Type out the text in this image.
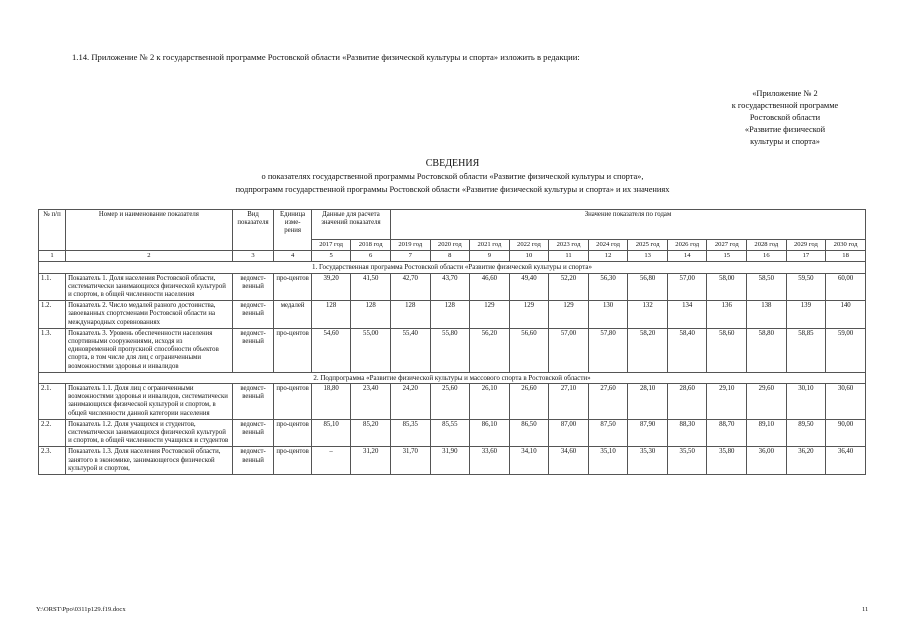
1.14. Приложение № 2 к государственной программе Ростовской области «Развитие физической культуры и спорта» изложить в редакции:
«Приложение № 2
к государственной программе
Ростовской области
«Развитие физической
культуры и спорта»
СВЕДЕНИЯ
о показателях государственной программы Ростовской области «Развитие физической культуры и спорта»,
подпрограмм государственной программы Ростовской области «Развитие физической культуры и спорта» и их значениях
№ п/п	Номер и наименование показателя	Вид показателя	Единица изме-рения	Данные для расчета значений показателя		Значение показателя по годам											
				2017 год	2018 год	2019 год	2020 год	2021 год	2022 год	2023 год	2024 год	2025 год	2026 год	2027 год	2028 год	2029 год	2030 год
1	2	3	4	5	6	7	8	9	10	11	12	13	14	15	16	17	18
1. Государственная программа Ростовской области «Развитие физической культуры и спорта»																	
1.1.	Показатель 1. Доля населения Ростовской области, систематически занимающихся физической культурой и спортом, в общей численности населения	ведомст-венный	про-центов	39,20	41,50	42,70	43,70	46,60	49,40	52,20	56,30	56,80	57,00	58,00	58,50	59,50	60,00
1.2.	Показатель 2. Число медалей разного достоинства, завоеванных спортсменами Ростовской области на международных соревнованиях	ведомст-венный	медалей	128	128	128	128	129	129	129	130	132	134	136	138	139	140
1.3.	Показатель 3. Уровень обеспеченности населения спортивными сооружениями, исходя из единовременной пропускной способности объектов спорта, в том числе для лиц с ограниченными возможностями здоровья и инвалидов	ведомст-венный	про-центов	54,60	55,00	55,40	55,80	56,20	56,60	57,00	57,80	58,20	58,40	58,60	58,80	58,85	59,00
2. Подпрограмма «Развитие физической культуры и массового спорта в Ростовской области»																	
2.1.	Показатель 1.1. Доля лиц с ограниченными возможностями здоровья и инвалидов, систематически занимающихся физической культурой и спортом, в общей численности данной категории населения	ведомст-венный	про-центов	18,80	23,40	24,20	25,60	26,10	26,60	27,10	27,60	28,10	28,60	29,10	29,60	30,10	30,60
2.2.	Показатель 1.2. Доля учащихся и студентов, систематически занимающихся физической культурой и спортом, в общей численности учащихся и студентов	ведомст-венный	про-центов	85,10	85,20	85,35	85,55	86,10	86,50	87,00	87,50	87,90	88,30	88,70	89,10	89,50	90,00
2.3.	Показатель 1.3. Доля населения Ростовской области, занятого в экономике, занимающегося физической культурой и спортом,	ведомст-венный	про-центов	–	31,20	31,70	31,90	33,60	34,10	34,60	35,10	35,30	35,50	35,80	36,00	36,20	36,40
Y:\ORST\Ppo\0311p129.f19.docx	11
